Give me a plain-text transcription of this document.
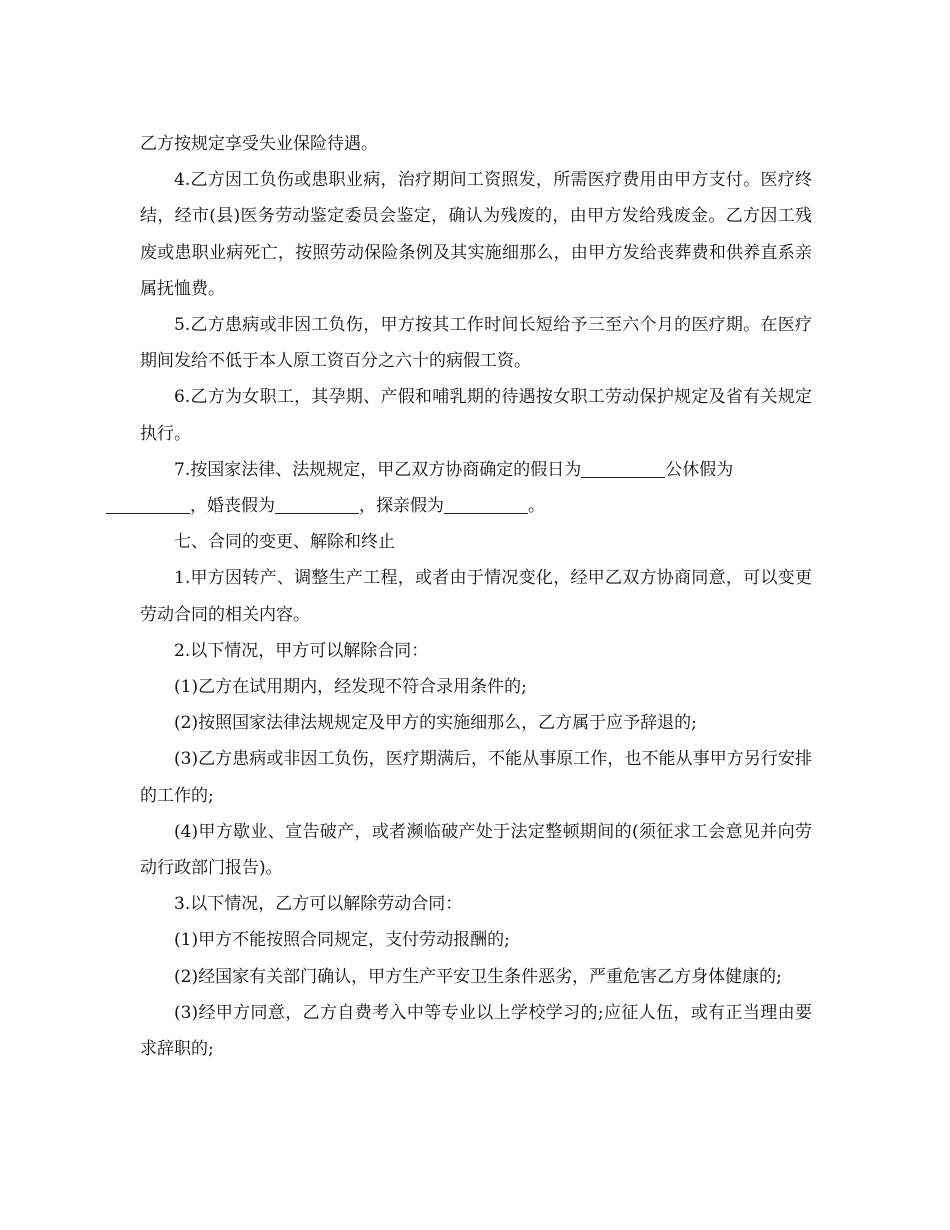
乙方按规定享受失业保险待遇。

4.乙方因工负伤或患职业病，治疗期间工资照发，所需医疗费用由甲方支付。医疗终结，经市(县)医务劳动鉴定委员会鉴定，确认为残废的，由甲方发给残废金。乙方因工残废或患职业病死亡，按照劳动保险条例及其实施细那么，由甲方发给丧葬费和供养直系亲属抚恤费。

5.乙方患病或非因工负伤，甲方按其工作时间长短给予三至六个月的医疗期。在医疗期间发给不低于本人原工资百分之六十的病假工资。

6.乙方为女职工，其孕期、产假和哺乳期的待遇按女职工劳动保护规定及省有关规定执行。

7.按国家法律、法规规定，甲乙双方协商确定的假日为	公休假为
，婚丧假为	，探亲假为	。

七、合同的变更、解除和终止

1.甲方因转产、调整生产工程，或者由于情况变化，经甲乙双方协商同意，可以变更劳动合同的相关内容。

2.以下情况，甲方可以解除合同：

(1)乙方在试用期内，经发现不符合录用条件的;

(2)按照国家法律法规规定及甲方的实施细那么，乙方属于应予辞退的;

(3)乙方患病或非因工负伤，医疗期满后，不能从事原工作，也不能从事甲方另行安排的工作的;

(4)甲方歇业、宣告破产，或者濒临破产处于法定整顿期间的(须征求工会意见并向劳动行政部门报告)。

3.以下情况，乙方可以解除劳动合同：

(1)甲方不能按照合同规定，支付劳动报酬的;

(2)经国家有关部门确认，甲方生产平安卫生条件恶劣，严重危害乙方身体健康的;

(3)经甲方同意，乙方自费考入中等专业以上学校学习的;应征人伍，或有正当理由要求辞职的;
